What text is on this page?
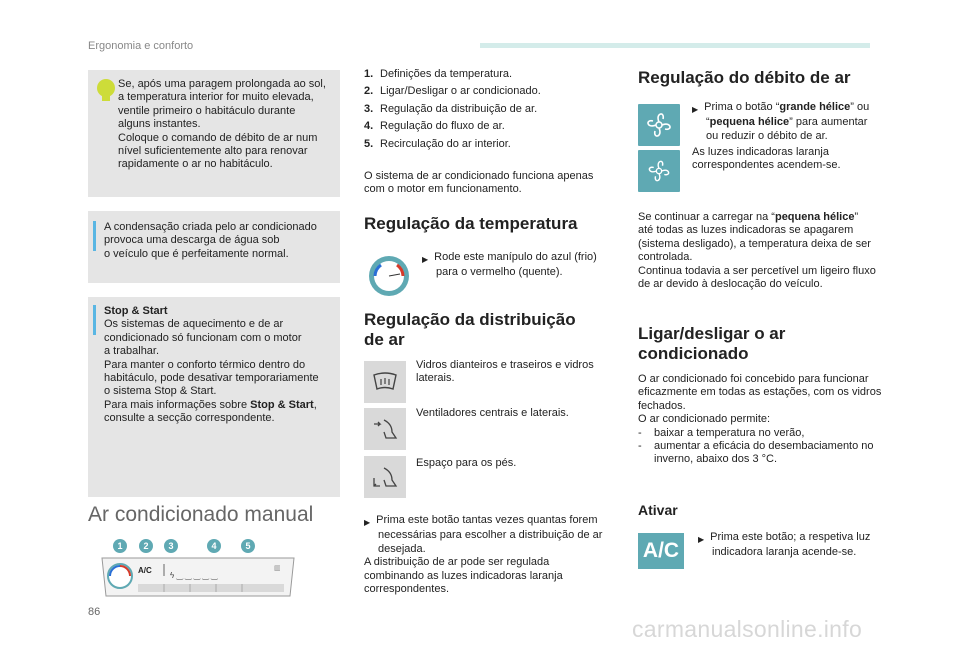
Ergonomia e conforto
Se, após uma paragem prolongada ao sol,
a temperatura interior for muito elevada,
ventile primeiro o habitáculo durante
alguns instantes.
Coloque o comando de débito de ar num
nível suficientemente alto para renovar
rapidamente o ar no habitáculo.
A condensação criada pelo ar condicionado
provoca uma descarga de água sob
o veículo que é perfeitamente normal.
Stop & Start
Os sistemas de aquecimento e de ar
condicionado só funcionam com o motor
a trabalhar.
Para manter o conforto térmico dentro do
habitáculo, pode desativar temporariamente
o sistema Stop & Start.
Para mais informações sobre Stop & Start,
consulte a secção correspondente.
Ar condicionado manual
ϟ ‿ ‿ ‿ ‿ ‿
▥
A/C
1	2	3	4	5
1. Definições da temperatura.
2. Ligar/Desligar o ar condicionado.
3. Regulação da distribuição de ar.
4. Regulação do fluxo de ar.
5. Recirculação do ar interior.
O sistema de ar condicionado funciona apenas
com o motor em funcionamento.
Regulação da temperatura
▶ Rode este manípulo do azul (frio)
para o vermelho (quente).
Regulação da distribuição
de ar
Vidros dianteiros e traseiros e vidros
laterais.
Ventiladores centrais e laterais.
Espaço para os pés.
▶ Prima este botão tantas vezes quantas forem
necessárias para escolher a distribuição de ar
desejada.
A distribuição de ar pode ser regulada
combinando as luzes indicadoras laranja
correspondentes.
Regulação do débito de ar
▶ Prima o botão “grande hélice” ou
“pequena hélice” para aumentar
ou reduzir o débito de ar.
As luzes indicadoras laranja
correspondentes acendem-se.
Se continuar a carregar na “pequena hélice”
até todas as luzes indicadoras se apagarem
(sistema desligado), a temperatura deixa de ser
controlada.
Continua todavia a ser percetível um ligeiro fluxo
de ar devido à deslocação do veículo.
Ligar/desligar o ar
condicionado
O ar condicionado foi concebido para funcionar
eficazmente em todas as estações, com os vidros
fechados.
O ar condicionado permite:
- baixar a temperatura no verão,
- aumentar a eficácia do desembaciamento no
inverno, abaixo dos 3 °C.
Ativar
A/C	▶ Prima este botão; a respetiva luz
indicadora laranja acende-se.
86
carmanualsonline.info
